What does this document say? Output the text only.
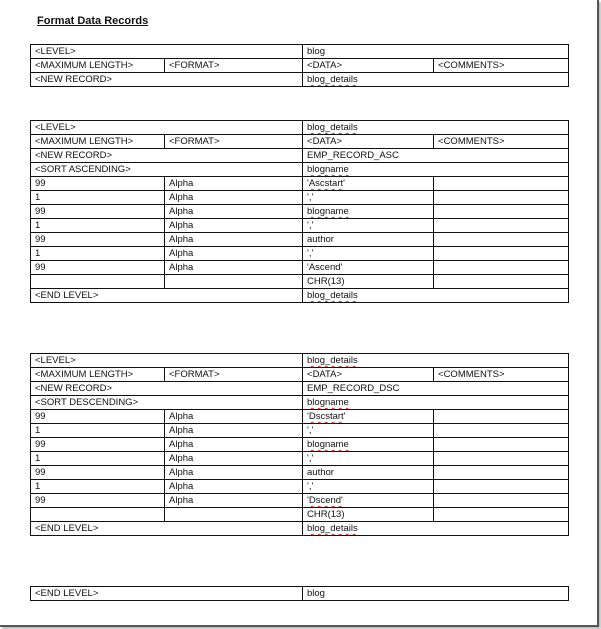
Format Data Records
<LEVEL>		blog	
<MAXIMUM LENGTH>	<FORMAT>	<DATA>	<COMMENTS>
<NEW RECORD>		blog_details	
<LEVEL>		blog_details	
<MAXIMUM LENGTH>	<FORMAT>	<DATA>	<COMMENTS>
<NEW RECORD>		EMP_RECORD_ASC	
<SORT ASCENDING>		blogname	
99	Alpha	'Ascstart'	
1	Alpha	','	
99	Alpha	blogname	
1	Alpha	','	
99	Alpha	author	
1	Alpha	','	
99	Alpha	'Ascend'	
		CHR(13)	
<END LEVEL>		blog_details	
<LEVEL>		blog_details	
<MAXIMUM LENGTH>	<FORMAT>	<DATA>	<COMMENTS>
<NEW RECORD>		EMP_RECORD_DSC	
<SORT DESCENDING>		blogname	
99	Alpha	'Dscstart'	
1	Alpha	','	
99	Alpha	blogname	
1	Alpha	','	
99	Alpha	author	
1	Alpha	','	
99	Alpha	'Dscend'	
		CHR(13)	
<END LEVEL>		blog_details	
<END LEVEL>	blog
